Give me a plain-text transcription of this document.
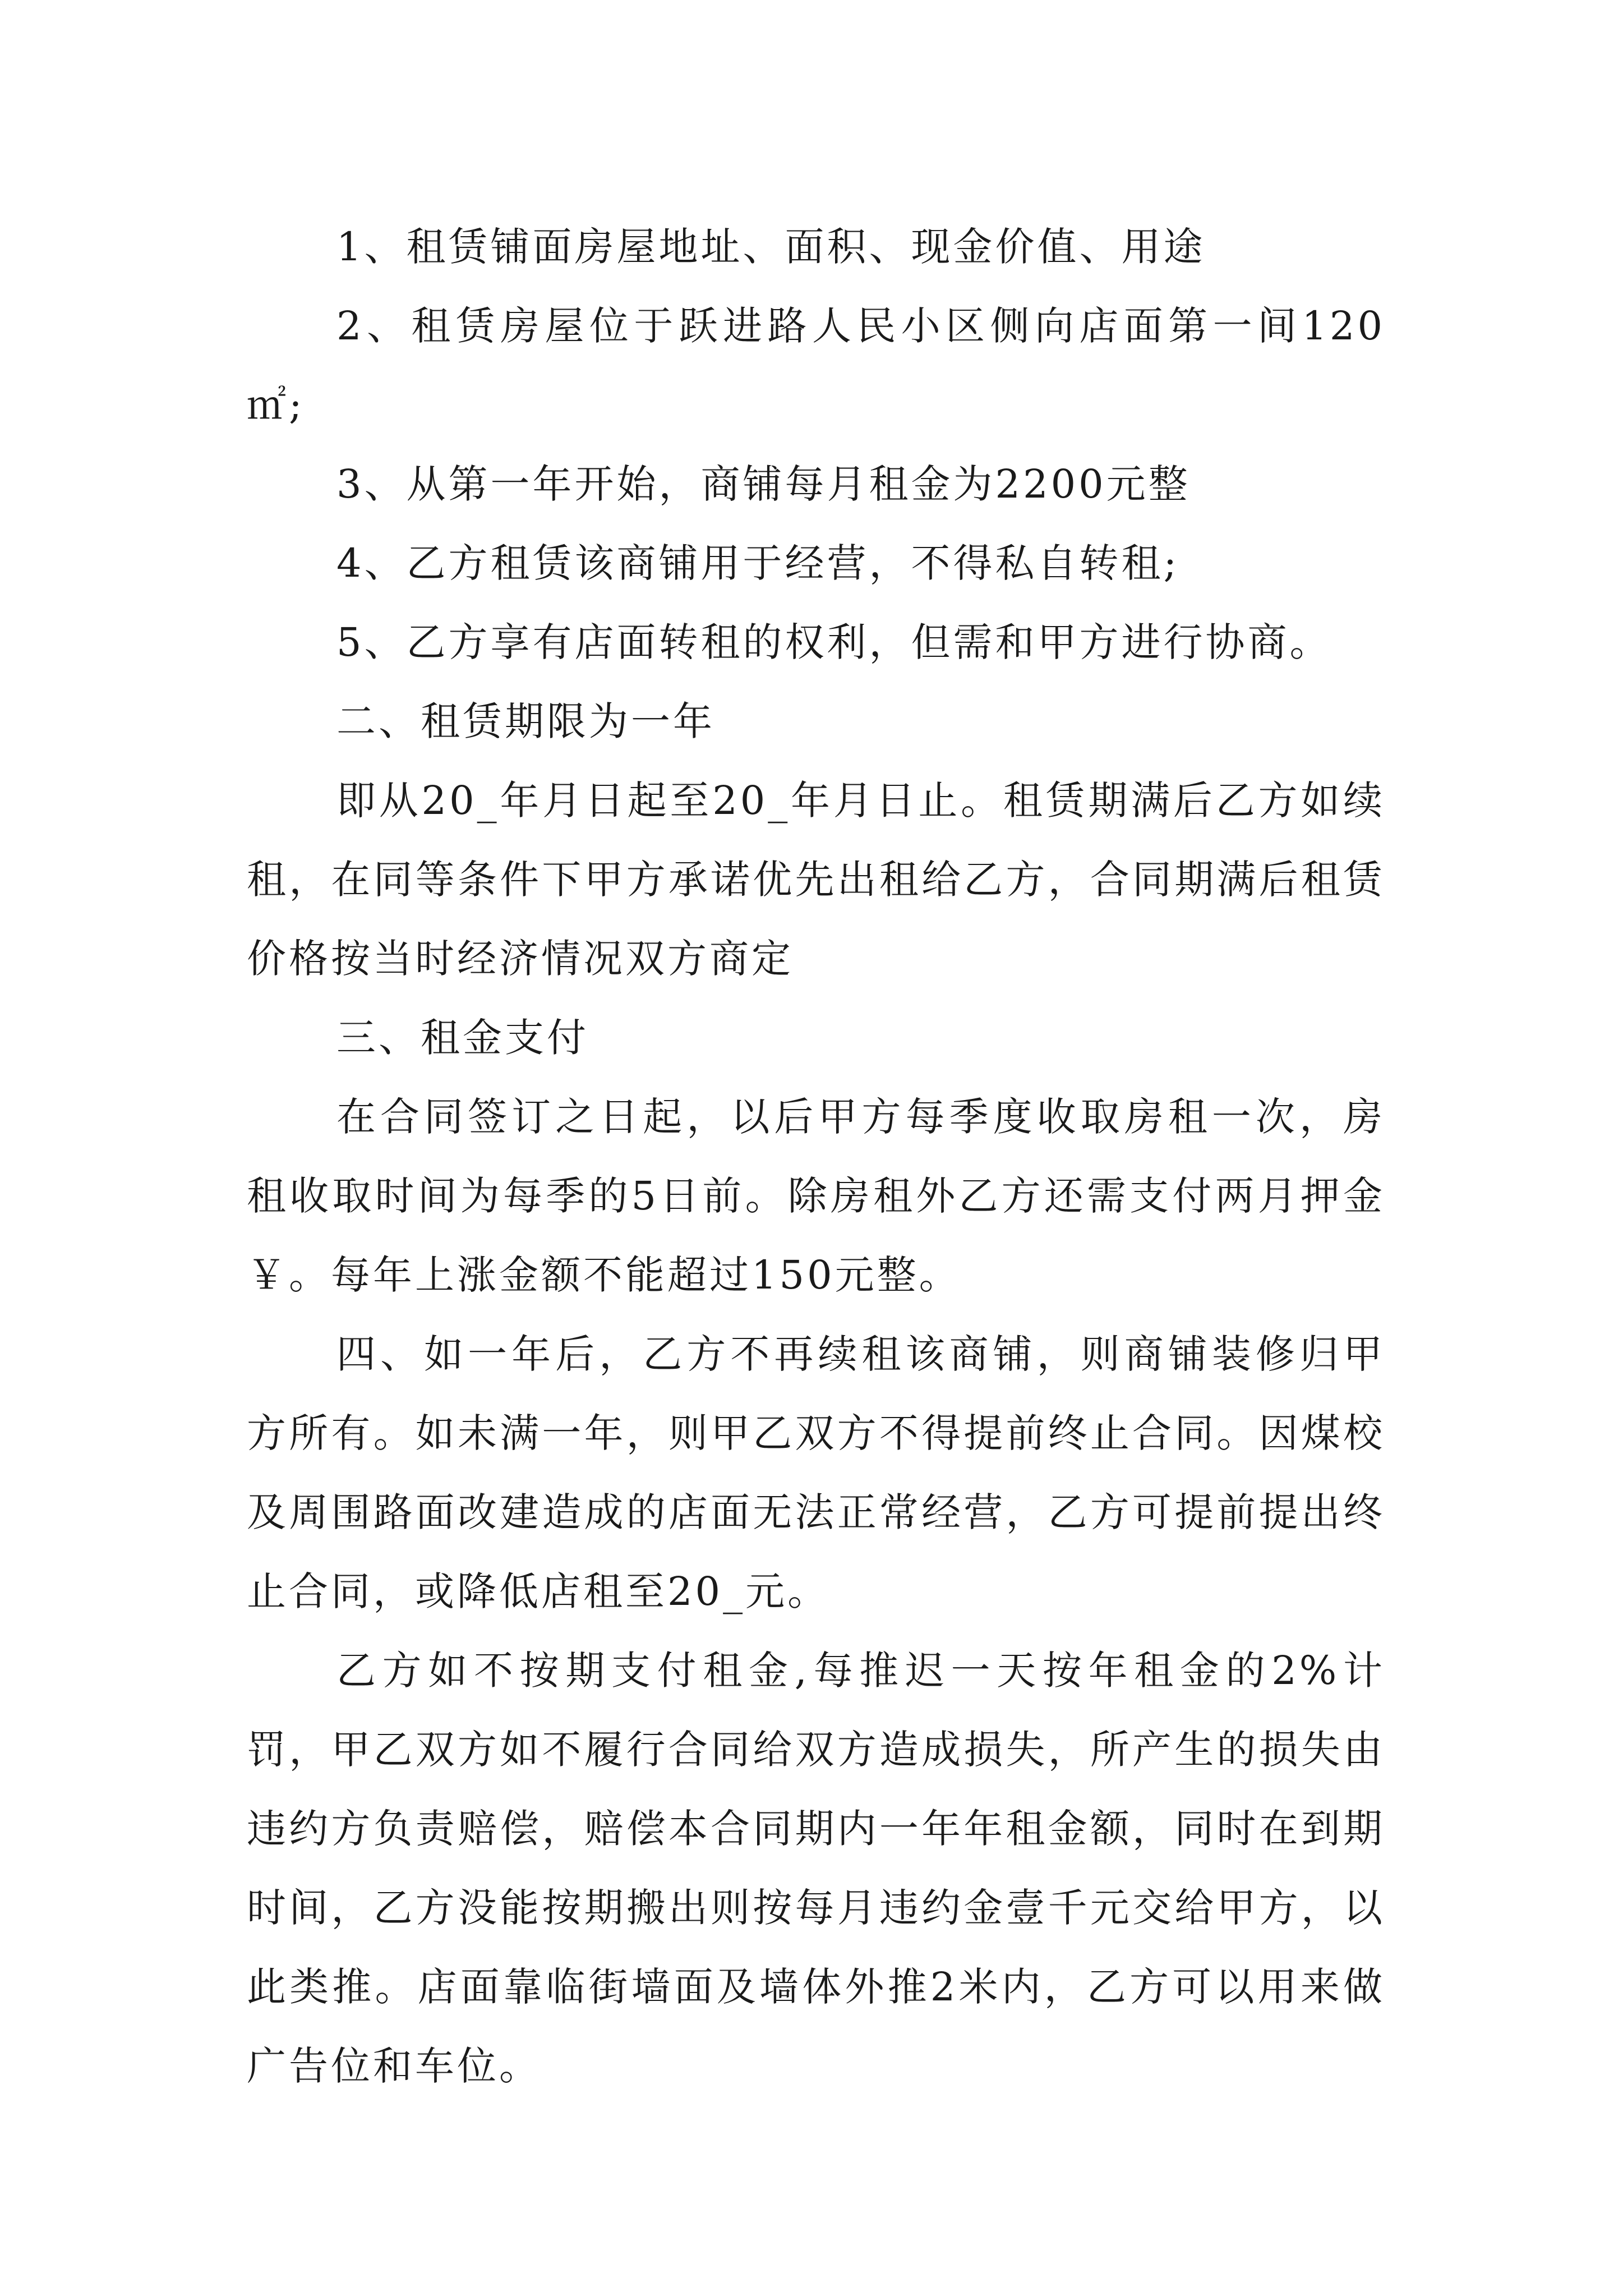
1、租赁铺面房屋地址、面积、现金价值、用途

2、租赁房屋位于跃进路人民小区侧向店面第一间120㎡;

3、从第一年开始，商铺每月租金为2200元整

4、乙方租赁该商铺用于经营，不得私自转租;

5、乙方享有店面转租的权利，但需和甲方进行协商。

二、租赁期限为一年

即从20_年月日起至20_年月日止。租赁期满后乙方如续租，在同等条件下甲方承诺优先出租给乙方，合同期满后租赁价格按当时经济情况双方商定

三、租金支付

在合同签订之日起，以后甲方每季度收取房租一次，房租收取时间为每季的5日前。除房租外乙方还需支付两月押金￥。每年上涨金额不能超过150元整。

四、如一年后，乙方不再续租该商铺，则商铺装修归甲方所有。如未满一年，则甲乙双方不得提前终止合同。因煤校及周围路面改建造成的店面无法正常经营，乙方可提前提出终止合同，或降低店租至20_元。

乙方如不按期支付租金,每推迟一天按年租金的2%计罚，甲乙双方如不履行合同给双方造成损失，所产生的损失由违约方负责赔偿，赔偿本合同期内一年年租金额，同时在到期时间，乙方没能按期搬出则按每月违约金壹千元交给甲方，以此类推。店面靠临街墙面及墙体外推2米内，乙方可以用来做广告位和车位。
